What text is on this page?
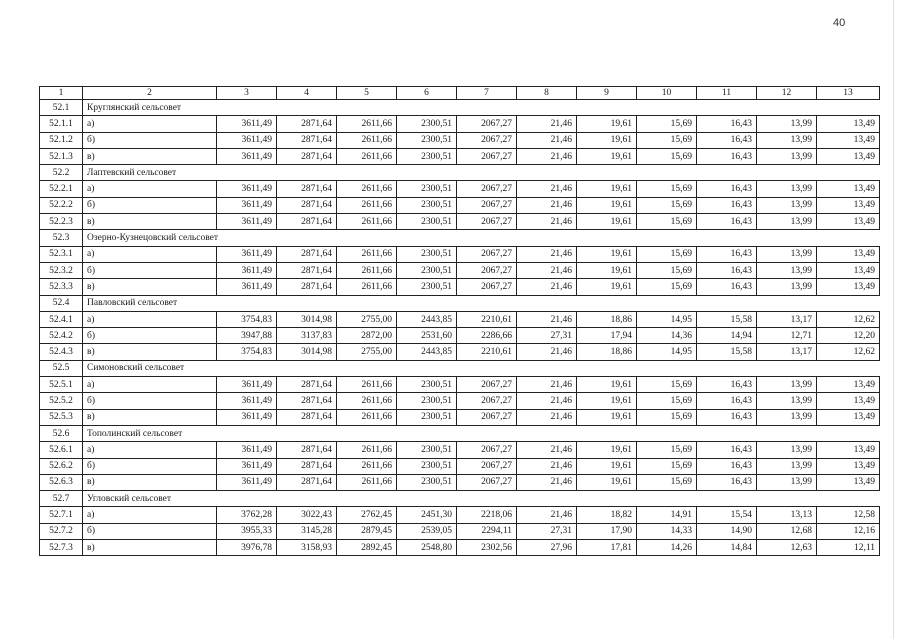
40
1	2	3	4	5	6	7	8	9	10	11	12	13
52.1	Круглянский сельсовет											
52.1.1	а)	3611,49	2871,64	2611,66	2300,51	2067,27	21,46	19,61	15,69	16,43	13,99	13,49
52.1.2	б)	3611,49	2871,64	2611,66	2300,51	2067,27	21,46	19,61	15,69	16,43	13,99	13,49
52.1.3	в)	3611,49	2871,64	2611,66	2300,51	2067,27	21,46	19,61	15,69	16,43	13,99	13,49
52.2	Лаптевский сельсовет											
52.2.1	а)	3611,49	2871,64	2611,66	2300,51	2067,27	21,46	19,61	15,69	16,43	13,99	13,49
52.2.2	б)	3611,49	2871,64	2611,66	2300,51	2067,27	21,46	19,61	15,69	16,43	13,99	13,49
52.2.3	в)	3611,49	2871,64	2611,66	2300,51	2067,27	21,46	19,61	15,69	16,43	13,99	13,49
52.3	Озерно-Кузнецовский сельсовет											
52.3.1	а)	3611,49	2871,64	2611,66	2300,51	2067,27	21,46	19,61	15,69	16,43	13,99	13,49
52.3.2	б)	3611,49	2871,64	2611,66	2300,51	2067,27	21,46	19,61	15,69	16,43	13,99	13,49
52.3.3	в)	3611,49	2871,64	2611,66	2300,51	2067,27	21,46	19,61	15,69	16,43	13,99	13,49
52.4	Павловский сельсовет											
52.4.1	а)	3754,83	3014,98	2755,00	2443,85	2210,61	21,46	18,86	14,95	15,58	13,17	12,62
52.4.2	б)	3947,88	3137,83	2872,00	2531,60	2286,66	27,31	17,94	14,36	14,94	12,71	12,20
52.4.3	в)	3754,83	3014,98	2755,00	2443,85	2210,61	21,46	18,86	14,95	15,58	13,17	12,62
52.5	Симоновский сельсовет											
52.5.1	а)	3611,49	2871,64	2611,66	2300,51	2067,27	21,46	19,61	15,69	16,43	13,99	13,49
52.5.2	б)	3611,49	2871,64	2611,66	2300,51	2067,27	21,46	19,61	15,69	16,43	13,99	13,49
52.5.3	в)	3611,49	2871,64	2611,66	2300,51	2067,27	21,46	19,61	15,69	16,43	13,99	13,49
52.6	Тополинский сельсовет											
52.6.1	а)	3611,49	2871,64	2611,66	2300,51	2067,27	21,46	19,61	15,69	16,43	13,99	13,49
52.6.2	б)	3611,49	2871,64	2611,66	2300,51	2067,27	21,46	19,61	15,69	16,43	13,99	13,49
52.6.3	в)	3611,49	2871,64	2611,66	2300,51	2067,27	21,46	19,61	15,69	16,43	13,99	13,49
52.7	Угловский сельсовет											
52.7.1	а)	3762,28	3022,43	2762,45	2451,30	2218,06	21,46	18,82	14,91	15,54	13,13	12,58
52.7.2	б)	3955,33	3145,28	2879,45	2539,05	2294,11	27,31	17,90	14,33	14,90	12,68	12,16
52.7.3	в)	3976,78	3158,93	2892,45	2548,80	2302,56	27,96	17,81	14,26	14,84	12,63	12,11
